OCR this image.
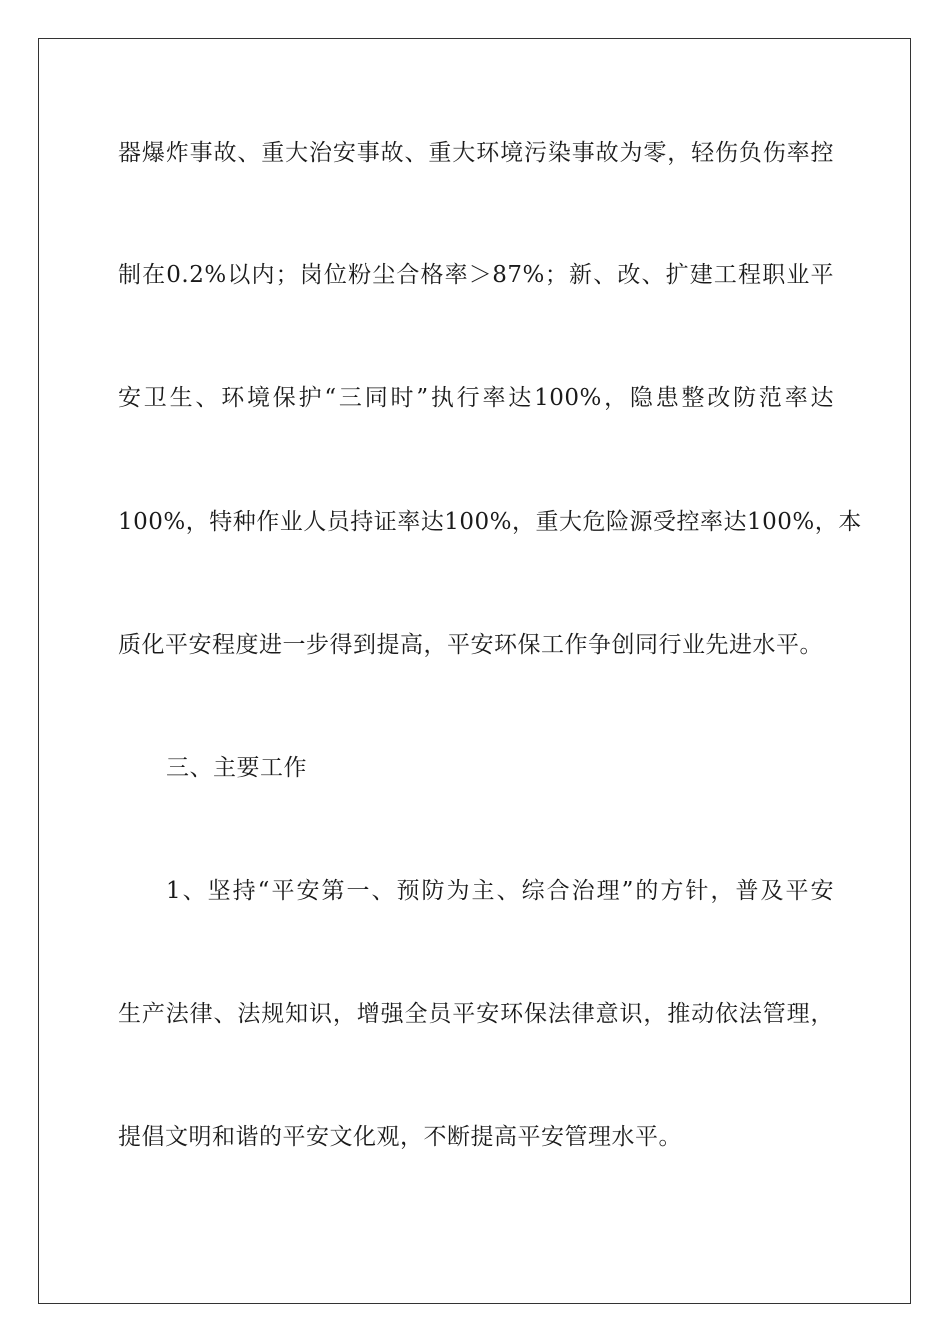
器爆炸事故、重大治安事故、重大环境污染事故为零，轻伤负伤率控
制在0.2%以内；岗位粉尘合格率＞87%；新、改、扩建工程职业平
安卫生、环境保护“三同时”执行率达100%，隐患整改防范率达
100%，特种作业人员持证率达100%，重大危险源受控率达100%，本
质化平安程度进一步得到提高，平安环保工作争创同行业先进水平。
三、主要工作
1、坚持“平安第一、预防为主、综合治理”的方针，普及平安
生产法律、法规知识，增强全员平安环保法律意识，推动依法管理，
提倡文明和谐的平安文化观，不断提高平安管理水平。
